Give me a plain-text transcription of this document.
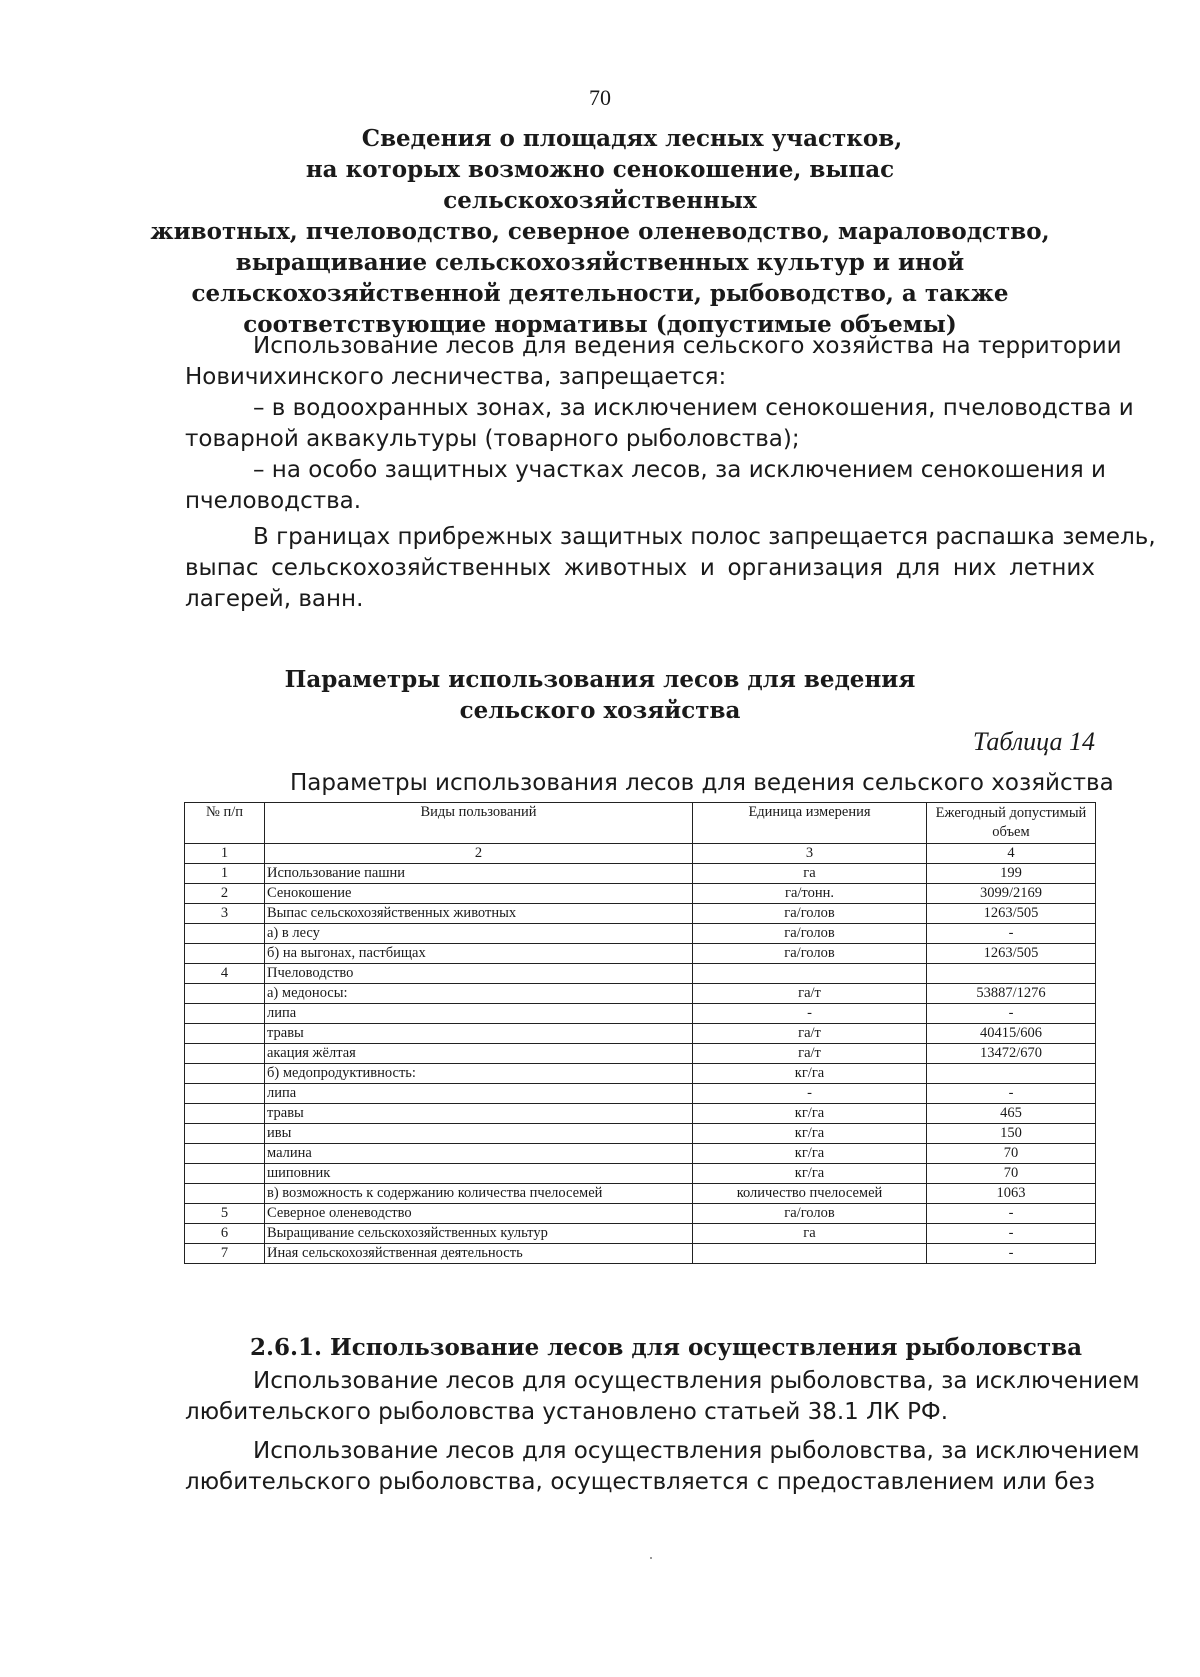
70
Сведения о площадях лесных участков,
на которых возможно сенокошение, выпас сельскохозяйственных
животных, пчеловодство, северное оленеводство, мараловодство,
выращивание сельскохозяйственных культур и иной
сельскохозяйственной деятельности, рыбоводство, а также
соответствующие нормативы (допустимые объемы)

Использование лесов для ведения сельского хозяйства на территории
Новичихинского лесничества, запрещается:

– в водоохранных зонах, за исключением сенокошения, пчеловодства и
товарной аквакультуры (товарного рыболовства);

– на особо защитных участках лесов, за исключением сенокошения и
пчеловодства.

В границах прибрежных защитных полос запрещается распашка земель,
выпас сельскохозяйственных животных и организация для них летних
лагерей, ванн.

Параметры использования лесов для ведения
сельского хозяйства
Таблица 14
Параметры использования лесов для ведения сельского хозяйства
№ п/п	Виды пользований	Единица измерения	Ежегодный допустимый объем
1	2	3	4
1	Использование пашни	га	199
2	Сенокошение	га/тонн.	3099/2169
3	Выпас сельскохозяйственных животных	га/голов	1263/505
	а) в лесу	га/голов	-
	б) на выгонах, пастбищах	га/голов	1263/505
4	Пчеловодство		
	а) медоносы:	га/т	53887/1276
	липа	-	-
	травы	га/т	40415/606
	акация жёлтая	га/т	13472/670
	б) медопродуктивность:	кг/га	
	липа	-	-
	травы	кг/га	465
	ивы	кг/га	150
	малина	кг/га	70
	шиповник	кг/га	70
	в) возможность к содержанию количества пчелосемей	количество пчелосемей	1063
5	Северное оленеводство	га/голов	-
6	Выращивание сельскохозяйственных культур	га	-
7	Иная сельскохозяйственная деятельность		-
2.6.1. Использование лесов для осуществления рыболовства

Использование лесов для осуществления рыболовства, за исключением
любительского рыболовства установлено статьей 38.1 ЛК РФ.

Использование лесов для осуществления рыболовства, за исключением
любительского рыболовства, осуществляется с предоставлением или без
